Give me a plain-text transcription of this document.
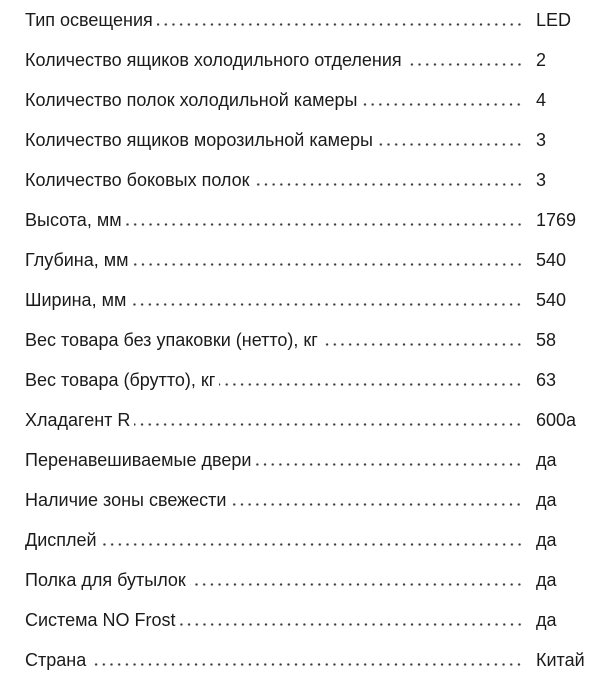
Тип освещения	LED
Количество ящиков холодильного отделения	2
Количество полок холодильной камеры	4
Количество ящиков морозильной камеры	3
Количество боковых полок	3
Высота, мм	1769
Глубина, мм	540
Ширина, мм	540
Вес товара без упаковки (нетто), кг	58
Вес товара (брутто), кг	63
Хладагент R	600a
Перенавешиваемые двери	да
Наличие зоны свежести	да
Дисплей	да
Полка для бутылок	да
Система NO Frost	да
Страна	Китай
